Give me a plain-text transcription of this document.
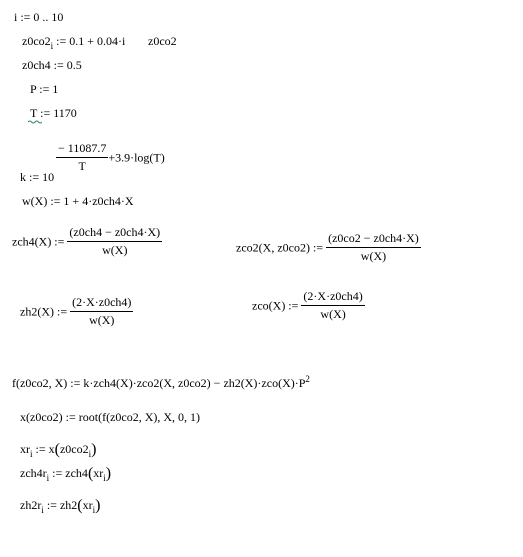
i := 0 .. 10
$z0co2_i$ := 0.1 + 0.04·i z0co2
z0ch4 := 0.5
P := 1
T := 1170
$\frac{- 11087.7}{T} +3.9\cdot\log(T)$
k := 10
w(X) := 1 + 4·z0ch4·X
zch4(X) := $\frac{(z0ch4 - z0ch4\cdot X)}{w(X)}$	zco2(X, z0co2) := $\frac{(z0co2 - z0ch4\cdot X)}{w(X)}$
zco(X) := $\frac{(2\cdot X\cdot z0ch4)}{w(X)}$
zh2(X) := $\frac{(2\cdot X\cdot z0ch4)}{w(X)}$
f(z0co2, X) := k·zch4(X)·zco2(X, $z0co2) - zh2(X)\cdot zco(X)\cdot P^2$
x(z0co2) := root(f(z0co2, X), X, 0, 1)
$xr_i$ := $x(z0co2_i)$
$zch4r_i$ := $zch4(xr_i)$
$zh2r_i$ := $zh2(xr_i)$
